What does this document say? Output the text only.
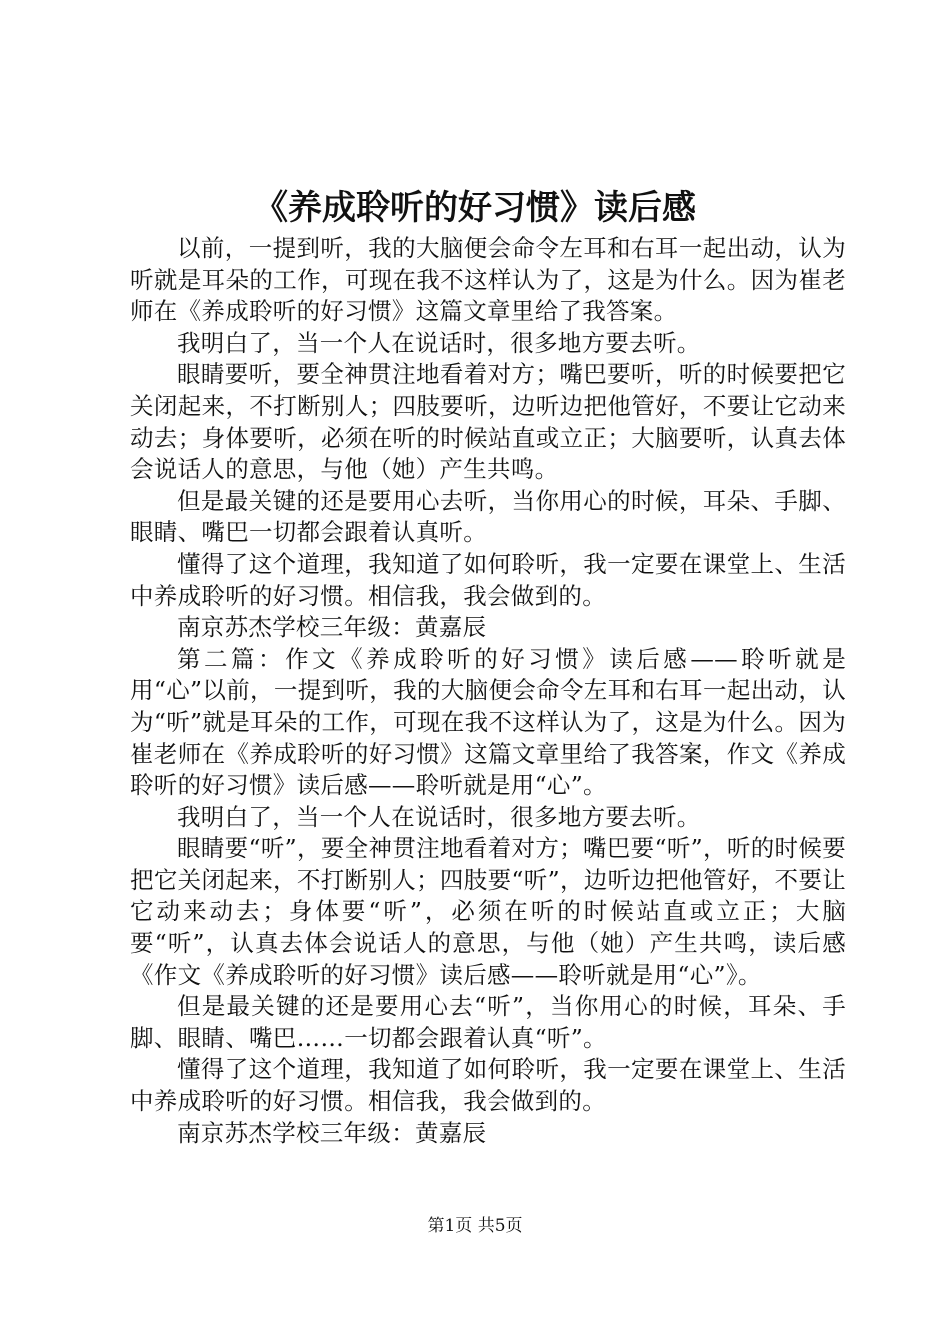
《养成聆听的好习惯》读后感

以前，一提到听，我的大脑便会命令左耳和右耳一起出动，认为听就是耳朵的工作，可现在我不这样认为了，这是为什么。因为崔老师在《养成聆听的好习惯》这篇文章里给了我答案。

我明白了，当一个人在说话时，很多地方要去听。

眼睛要听，要全神贯注地看着对方；嘴巴要听，听的时候要把它关闭起来，不打断别人；四肢要听，边听边把他管好，不要让它动来动去；身体要听，必须在听的时候站直或立正；大脑要听，认真去体会说话人的意思，与他（她）产生共鸣。

但是最关键的还是要用心去听，当你用心的时候，耳朵、手脚、眼睛、嘴巴一切都会跟着认真听。

懂得了这个道理，我知道了如何聆听，我一定要在课堂上、生活中养成聆听的好习惯。相信我，我会做到的。

南京苏杰学校三年级：黄嘉辰

第二篇：作文《养成聆听的好习惯》读后感——聆听就是用“心”以前，一提到听，我的大脑便会命令左耳和右耳一起出动，认为“听”就是耳朵的工作，可现在我不这样认为了，这是为什么。因为崔老师在《养成聆听的好习惯》这篇文章里给了我答案，作文《养成聆听的好习惯》读后感——聆听就是用“心”。

我明白了，当一个人在说话时，很多地方要去听。

眼睛要“听”，要全神贯注地看着对方；嘴巴要“听”，听的时候要把它关闭起来，不打断别人；四肢要“听”，边听边把他管好，不要让它动来动去；身体要“听”，必须在听的时候站直或立正；大脑要“听”，认真去体会说话人的意思，与他（她）产生共鸣，读后感《作文《养成聆听的好习惯》读后感——聆听就是用“心”》。

但是最关键的还是要用心去“听”，当你用心的时候，耳朵、手脚、眼睛、嘴巴……一切都会跟着认真“听”。

懂得了这个道理，我知道了如何聆听，我一定要在课堂上、生活中养成聆听的好习惯。相信我，我会做到的。

南京苏杰学校三年级：黄嘉辰

第1页 共5页
